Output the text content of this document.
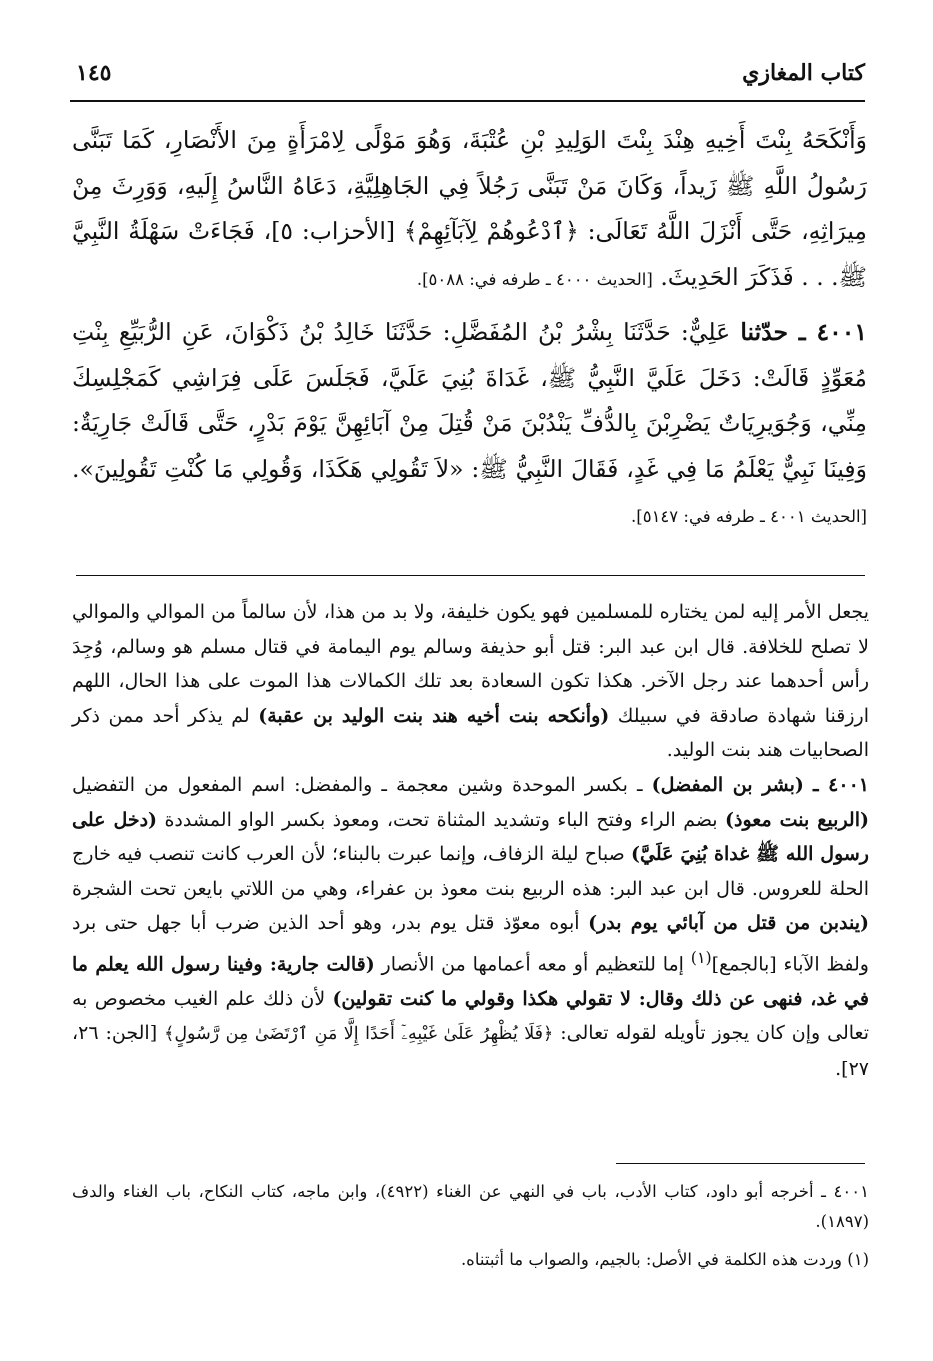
كتاب المغازي
١٤٥

وَأَنْكَحَهُ بِنْتَ أَخِيهِ هِنْدَ بِنْتَ الوَلِيدِ بْنِ عُتْبَةَ، وَهُوَ مَوْلًى لِامْرَأَةٍ مِنَ الأَنْصَارِ، كَمَا تَبَنَّى رَسُولُ اللَّهِ ﷺ زَيداً، وَكَانَ مَنْ تَبَنَّى رَجُلاً فِي الجَاهِلِيَّةِ، دَعَاهُ النَّاسُ إِلَيهِ، وَوَرِثَ مِنْ مِيرَاثِهِ، حَتَّى أَنْزَلَ اللَّهُ تَعَالَى: ﴿ٱدْعُوهُمْ لِآبَآئِهِمْ﴾ [الأحزاب: ٥]، فَجَاءَتْ سَهْلَةُ النَّبِيَّ ﷺ. . . فَذَكَرَ الحَدِيثَ. [الحديث ٤٠٠٠ ـ طرفه في: ٥٠٨٨].

٤٠٠١ ـ حدّثنا عَلِيٌّ: حَدَّثَنَا بِشْرُ بْنُ المُفَضَّلِ: حَدَّثَنَا خَالِدُ بْنُ ذَكْوَانَ، عَنِ الرُّبَيِّعِ بِنْتِ مُعَوِّذٍ قَالَتْ: دَخَلَ عَلَيَّ النَّبِيُّ ﷺ، غَدَاةَ بُنِيَ عَلَيَّ، فَجَلَسَ عَلَى فِرَاشِي كَمَجْلِسِكَ مِنِّي، وَجُوَيرِيَاتٌ يَضْرِبْنَ بِالدُّفِّ يَنْدُبْنَ مَنْ قُتِلَ مِنْ آبَائِهِنَّ يَوْمَ بَدْرٍ، حَتَّى قَالَتْ جَارِيَةٌ: وَفِينَا نَبِيٌّ يَعْلَمُ مَا فِي غَدٍ، فَقَالَ النَّبِيُّ ﷺ: «لاَ تَقُولِي هَكَذَا، وَقُولِي مَا كُنْتِ تَقُولِينَ». [الحديث ٤٠٠١ ـ طرفه في: ٥١٤٧].

يجعل الأمر إليه لمن يختاره للمسلمين فهو يكون خليفة، ولا بد من هذا، لأن سالماً من الموالي والموالي لا تصلح للخلافة. قال ابن عبد البر: قتل أبو حذيفة وسالم يوم اليمامة في قتال مسلم هو وسالم، وُجِدَ رأس أحدهما عند رجل الآخر. هكذا تكون السعادة بعد تلك الكمالات هذا الموت على هذا الحال، اللهم ارزقنا شهادة صادقة في سبيلك (وأنكحه بنت أخيه هند بنت الوليد بن عقبة) لم يذكر أحد ممن ذكر الصحابيات هند بنت الوليد.

٤٠٠١ ـ (بشر بن المفضل) ـ بكسر الموحدة وشين معجمة ـ والمفضل: اسم المفعول من التفضيل (الربيع بنت معوذ) بضم الراء وفتح الباء وتشديد المثناة تحت، ومعوذ بكسر الواو المشددة (دخل على رسول الله ﷺ غداة بُنِيَ عَلَيَّ) صباح ليلة الزفاف، وإنما عبرت بالبناء؛ لأن العرب كانت تنصب فيه خارج الحلة للعروس. قال ابن عبد البر: هذه الربيع بنت معوذ بن عفراء، وهي من اللاتي بايعن تحت الشجرة (يندبن من قتل من آبائي يوم بدر) أبوه معوّذ قتل يوم بدر، وهو أحد الذين ضرب أبا جهل حتى برد ولفظ الآباء [بالجمع]$^{(١)}$ إما للتعظيم أو معه أعمامها من الأنصار (قالت جارية: وفينا رسول الله يعلم ما في غد، فنهى عن ذلك وقال: لا تقولي هكذا وقولي ما كنت تقولين) لأن ذلك علم الغيب مخصوص به تعالى وإن كان يجوز تأويله لقوله تعالى: ﴿فَلَا يُظْهِرُ عَلَىٰ غَيْبِهِۦٓ أَحَدًا إِلَّا مَنِ ٱرْتَضَىٰ مِن رَّسُولٍ﴾ [الجن: ٢٦، ٢٧].

٤٠٠١ ـ أخرجه أبو داود، كتاب الأدب، باب في النهي عن الغناء (٤٩٢٢)، وابن ماجه، كتاب النكاح، باب الغناء والدف (١٨٩٧).

(١) وردت هذه الكلمة في الأصل: بالجيم، والصواب ما أثبتناه.
